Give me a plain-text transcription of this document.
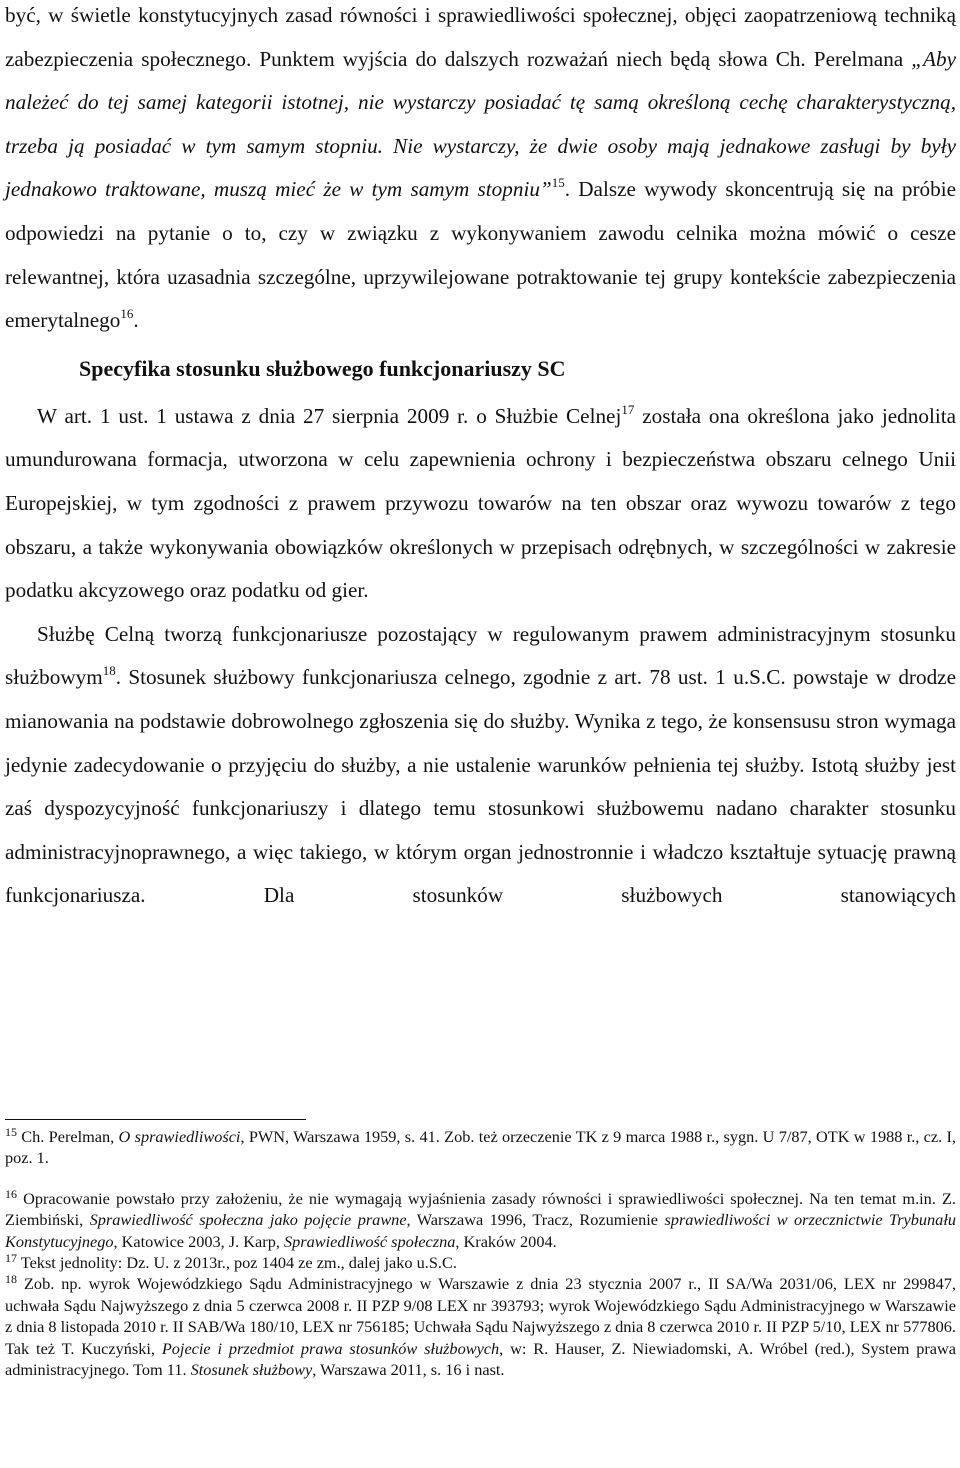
być, w świetle konstytucyjnych zasad równości i sprawiedliwości społecznej, objęci zaopatrzeniową techniką zabezpieczenia społecznego. Punktem wyjścia do dalszych rozważań niech będą słowa Ch. Perelmana „Aby należeć do tej samej kategorii istotnej, nie wystarczy posiadać tę samą określoną cechę charakterystyczną, trzeba ją posiadać w tym samym stopniu. Nie wystarczy, że dwie osoby mają jednakowe zasługi by były jednakowo traktowane, muszą mieć że w tym samym stopniu”$^{15}$. Dalsze wywody skoncentrują się na próbie odpowiedzi na pytanie o to, czy w związku z wykonywaniem zawodu celnika można mówić o cesze relewantnej, która uzasadnia szczególne, uprzywilejowane potraktowanie tej grupy kontekście zabezpieczenia emerytalnego$^{16}$.

Specyfika stosunku służbowego funkcjonariuszy SC

W art. 1 ust. 1 ustawa z dnia 27 sierpnia 2009 r. o Służbie Celnej$^{17}$ została ona określona jako jednolita umundurowana formacja, utworzona w celu zapewnienia ochrony i bezpieczeństwa obszaru celnego Unii Europejskiej, w tym zgodności z prawem przywozu towarów na ten obszar oraz wywozu towarów z tego obszaru, a także wykonywania obowiązków określonych w przepisach odrębnych, w szczególności w zakresie podatku akcyzowego oraz podatku od gier.

Służbę Celną tworzą funkcjonariusze pozostający w regulowanym prawem administracyjnym stosunku służbowym$^{18}$. Stosunek służbowy funkcjonariusza celnego, zgodnie z art. 78 ust. 1 u.S.C. powstaje w drodze mianowania na podstawie dobrowolnego zgłoszenia się do służby. Wynika z tego, że konsensusu stron wymaga jedynie zadecydowanie o przyjęciu do służby, a nie ustalenie warunków pełnienia tej służby. Istotą służby jest zaś dyspozycyjność funkcjonariuszy i dlatego temu stosunkowi służbowemu nadano charakter stosunku administracyjnoprawnego, a więc takiego, w którym organ jednostronnie i władczo kształtuje sytuację prawną funkcjonariusza. Dla stosunków służbowych stanowiących

$^{15}$ Ch. Perelman, O sprawiedliwości, PWN, Warszawa 1959, s. 41. Zob. też orzeczenie TK z 9 marca 1988 r., sygn. U 7/87, OTK w 1988 r., cz. I, poz. 1.

$^{16}$ Opracowanie powstało przy założeniu, że nie wymagają wyjaśnienia zasady równości i sprawiedliwości społecznej. Na ten temat m.in. Z. Ziembiński, Sprawiedliwość społeczna jako pojęcie prawne, Warszawa 1996, Tracz, Rozumienie sprawiedliwości w orzecznictwie Trybunału Konstytucyjnego, Katowice 2003, J. Karp, Sprawiedliwość społeczna, Kraków 2004.

$^{17}$ Tekst jednolity: Dz. U. z 2013r., poz 1404 ze zm., dalej jako u.S.C.

$^{18}$ Zob. np. wyrok Wojewódzkiego Sądu Administracyjnego w Warszawie z dnia 23 stycznia 2007 r., II SA/Wa 2031/06, LEX nr 299847, uchwała Sądu Najwyższego z dnia 5 czerwca 2008 r. II PZP 9/08 LEX nr 393793; wyrok Wojewódzkiego Sądu Administracyjnego w Warszawie z dnia 8 listopada 2010 r. II SAB/Wa 180/10, LEX nr 756185; Uchwała Sądu Najwyższego z dnia 8 czerwca 2010 r. II PZP 5/10, LEX nr 577806. Tak też T. Kuczyński, Pojecie i przedmiot prawa stosunków służbowych, w: R. Hauser, Z. Niewiadomski, A. Wróbel (red.), System prawa administracyjnego. Tom 11. Stosunek służbowy, Warszawa 2011, s. 16 i nast.
